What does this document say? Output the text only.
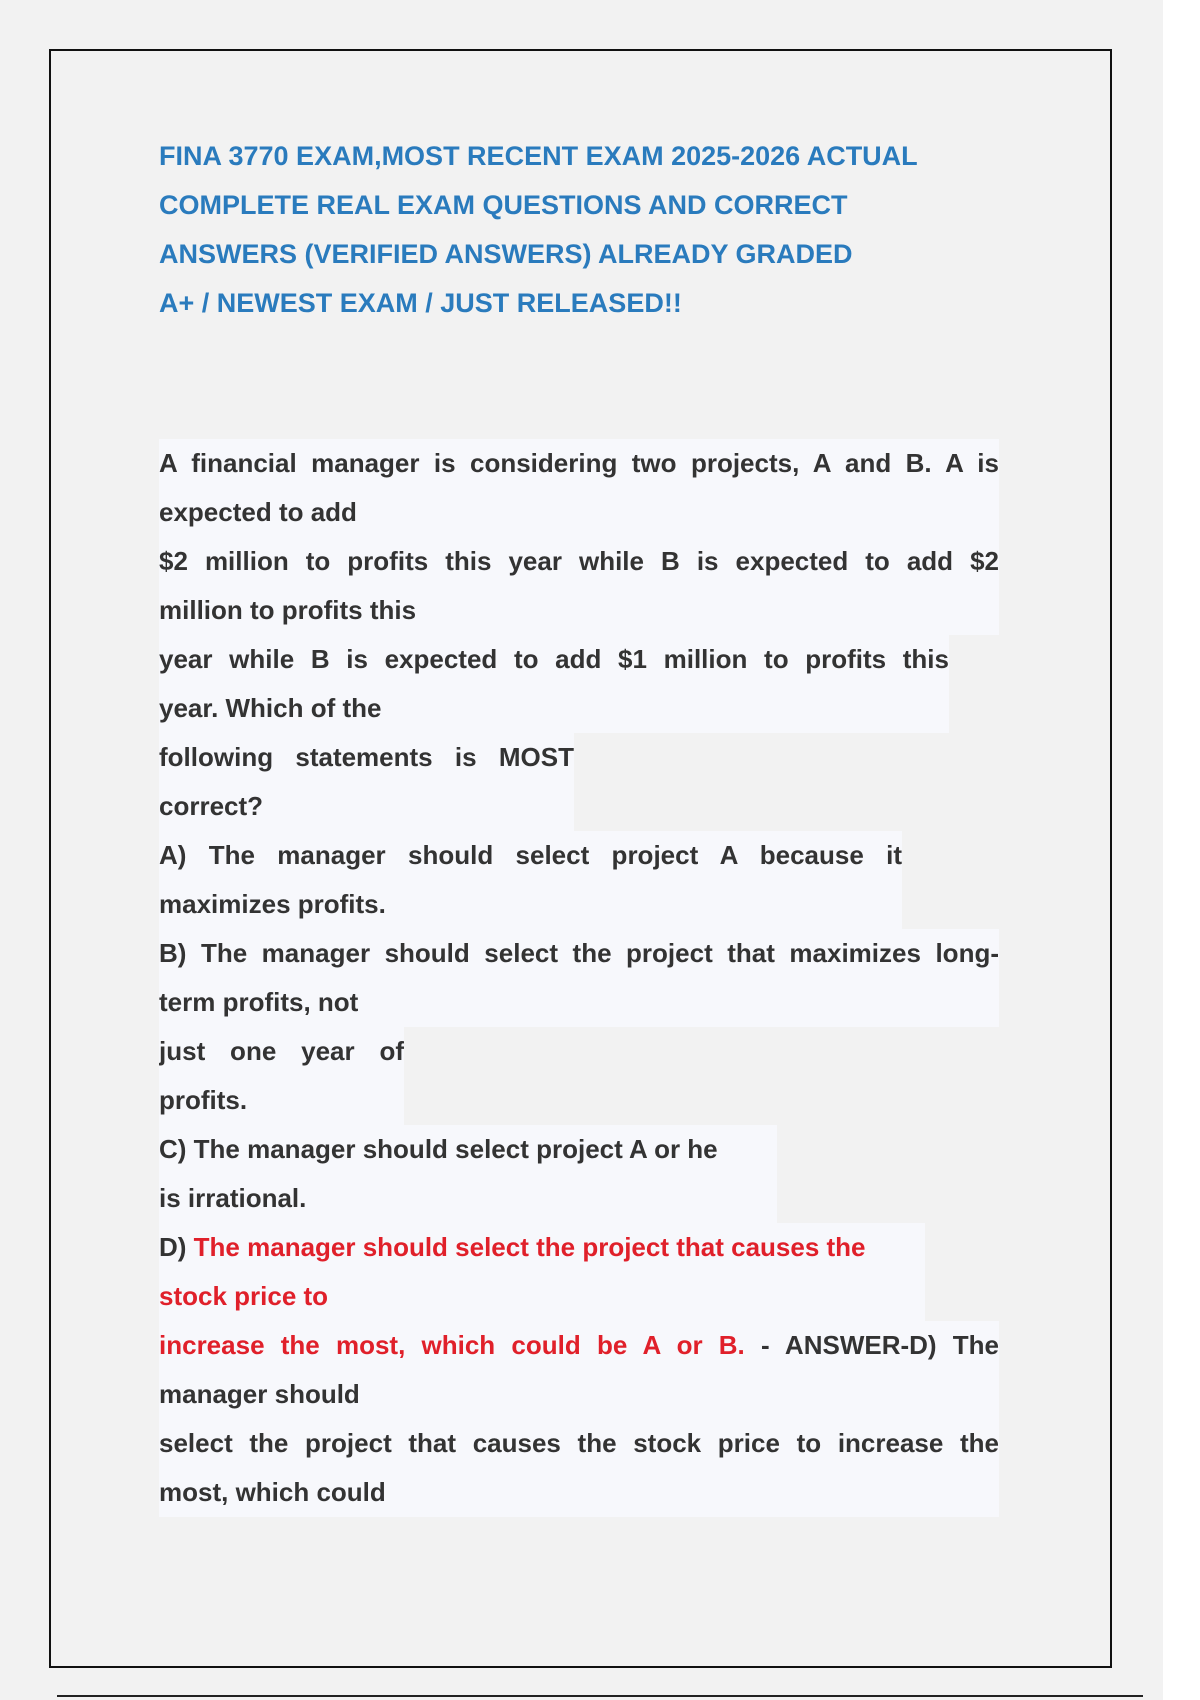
FINA 3770 EXAM,MOST RECENT EXAM 2025-2026 ACTUAL
COMPLETE REAL EXAM QUESTIONS AND CORRECT
ANSWERS (VERIFIED ANSWERS) ALREADY GRADED
A+ / NEWEST EXAM / JUST RELEASED!!
A financial manager is considering two projects, A and B. A is
expected to add
$2 million to profits this year while B is expected to add $2
million to profits this
year while B is expected to add $1 million to profits this
year. Which of the
following statements is MOST
correct?
A) The manager should select project A because it
maximizes profits.
B) The manager should select the project that maximizes long-
term profits, not
just one year of
profits.
C) The manager should select project A or he
is irrational.
D) The manager should select the project that causes the
stock price to
increase the most, which could be A or B. - ANSWER-D) The
manager should
select the project that causes the stock price to increase the
most, which could
